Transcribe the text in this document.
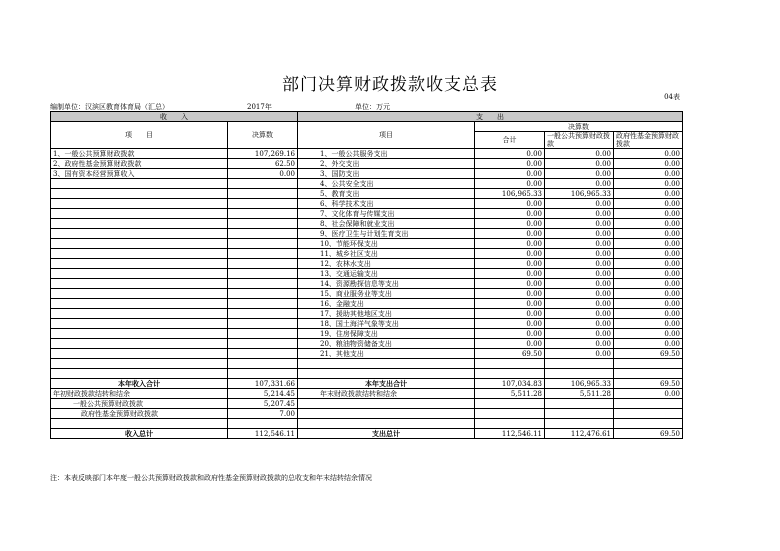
部门决算财政拨款收支总表
04表
编制单位：汉滨区教育体育局（汇总）	2017年	单位：万元
收　　入		支　　出			
项　　目	决算数	项目	决算数		
			合计	一般公共预算财政拨款	政府性基金预算财政拨款

1、一般公共预算财政拨款	107,269.16	1、一般公共服务支出	0.00	0.00	0.00
2、政府性基金预算财政拨款	62.50	2、外交支出	0.00	0.00	0.00
3、国有资本经营预算收入	0.00	3、国防支出	0.00	0.00	0.00
		4、公共安全支出	0.00	0.00	0.00
		5、教育支出	106,965.33	106,965.33	0.00
		6、科学技术支出	0.00	0.00	0.00
		7、文化体育与传媒支出	0.00	0.00	0.00
		8、社会保障和就业支出	0.00	0.00	0.00
		9、医疗卫生与计划生育支出	0.00	0.00	0.00
		10、节能环保支出	0.00	0.00	0.00
		11、城乡社区支出	0.00	0.00	0.00
		12、农林水支出	0.00	0.00	0.00
		13、交通运输支出	0.00	0.00	0.00
		14、资源勘探信息等支出	0.00	0.00	0.00
		15、商业服务业等支出	0.00	0.00	0.00
		16、金融支出	0.00	0.00	0.00
		17、援助其他地区支出	0.00	0.00	0.00
		18、国土海洋气象等支出	0.00	0.00	0.00
		19、住房保障支出	0.00	0.00	0.00
		20、粮油物资储备支出	0.00	0.00	0.00
		21、其他支出	69.50	0.00	69.50

本年收入合计	107,331.66	本年支出合计	107,034.83	106,965.33	69.50
年初财政拨款结转和结余	5,214.45	年末财政拨款结转和结余	5,511.28	5,511.28	0.00
一般公共预算财政拨款	5,207.45				
政府性基金预算财政拨款	7.00				

收入总计	112,546.11	支出总计	112,546.11	112,476.61	69.50
注：本表反映部门本年度一般公共预算财政拨款和政府性基金预算财政拨款的总收支和年末结转结余情况
